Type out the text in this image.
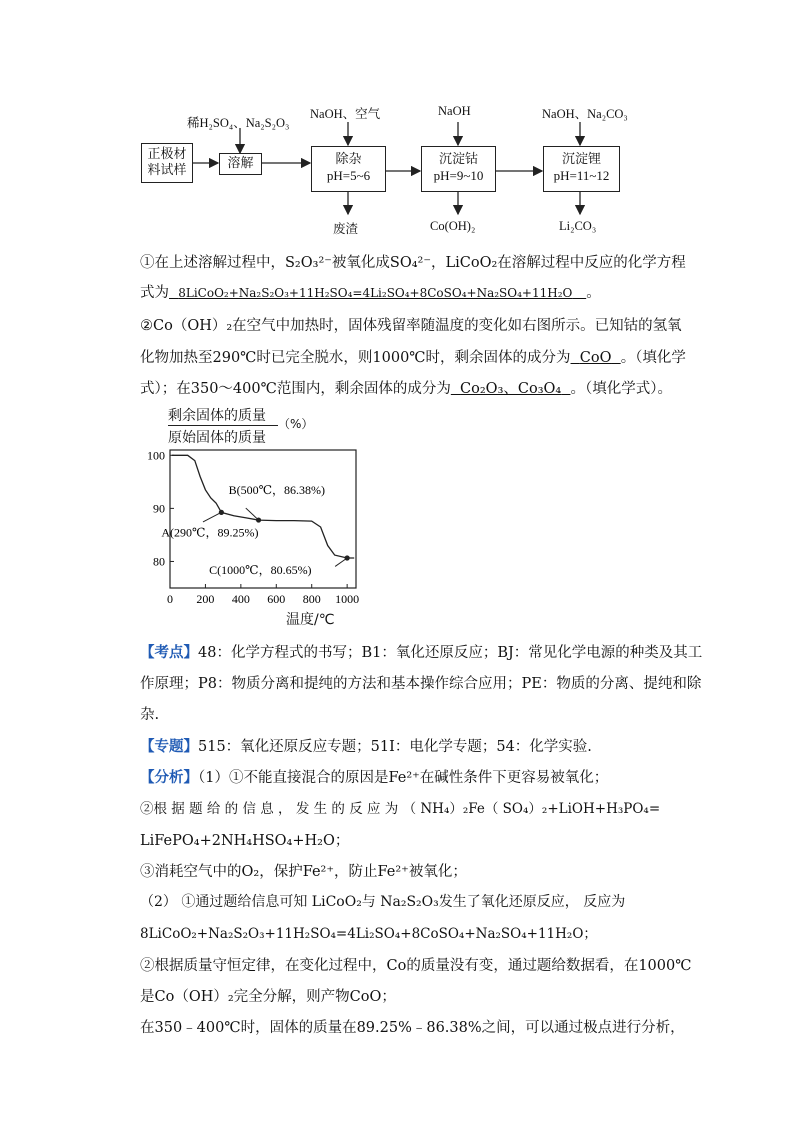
正极材料试样	溶解	除杂
pH=5~6
沉淀钴
pH=9~10
沉淀锂
pH=11~12
稀H₂SO₄、Na₂S₂O₃
NaOH、空气	NaOH	NaOH、Na₂CO₃
废渣	Co(OH)₂	Li₂CO₃
①在上述溶解过程中，S₂O₃²⁻被氧化成SO₄²⁻，LiCoO₂在溶解过程中反应的化学方程
式为 8LiCoO₂+Na₂S₂O₃+11H₂SO₄=4Li₂SO₄+8CoSO₄+Na₂SO₄+11H₂O 。
②Co（OH）₂在空气中加热时，固体残留率随温度的变化如右图所示。已知钴的氢氧
化物加热至290℃时已完全脱水，则1000℃时，剩余固体的成分为 CoO 。（填化学
式）；在350～400℃范围内，剩余固体的成分为 Co₂O₃、Co₃O₄ 。（填化学式）。
剩余固体的质量
原始固体的质量
（%）
0 200 400 600 800 1000
100
90
80
B(500℃，86.38%)
A(290℃，89.25%)
C(1000℃，80.65%)
温度/℃
【考点】48：化学方程式的书写；B1：氧化还原反应；BJ：常见化学电源的种类及其工
作原理；P8：物质分离和提纯的方法和基本操作综合应用；PE：物质的分离、提纯和除
杂.
【专题】515：氧化还原反应专题；51I：电化学专题；54：化学实验.
【分析】（1）①不能直接混合的原因是Fe²⁺在碱性条件下更容易被氧化；
②根 据 题 给 的 信 息 ， 发 生 的 反 应 为 （ NH₄）₂Fe（ SO₄）₂+LiOH+H₃PO₄=
LiFePO₄+2NH₄HSO₄+H₂O；
③消耗空气中的O₂，保护Fe²⁺，防止Fe²⁺被氧化；
（2） ①通过题给信息可知 LiCoO₂与 Na₂S₂O₃发生了氧化还原反应， 反应为
8LiCoO₂+Na₂S₂O₃+11H₂SO₄=4Li₂SO₄+8CoSO₄+Na₂SO₄+11H₂O；
②根据质量守恒定律，在变化过程中，Co的质量没有变，通过题给数据看，在1000℃
是Co（OH）₂完全分解，则产物CoO；
在350﹣400℃时，固体的质量在89.25%﹣86.38%之间，可以通过极点进行分析，
